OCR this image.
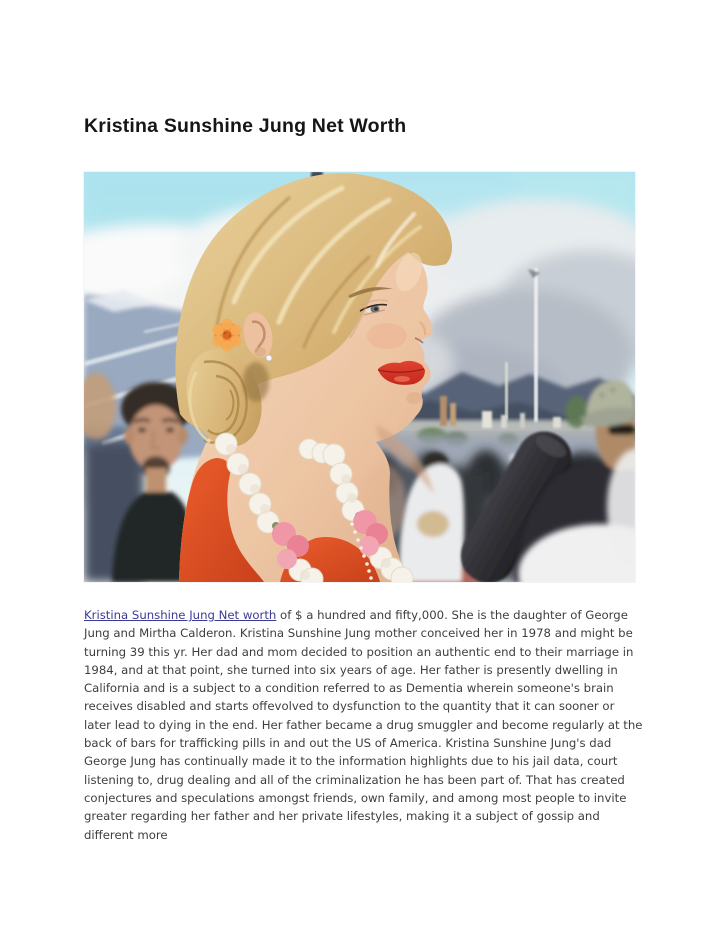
Kristina Sunshine Jung Net Worth

Kristina Sunshine Jung Net worth of $ a hundred and fifty,000. She is the daughter of George Jung and Mirtha Calderon. Kristina Sunshine Jung mother conceived her in 1978 and might be turning 39 this yr. Her dad and mom decided to position an authentic end to their marriage in 1984, and at that point, she turned into six years of age. Her father is presently dwelling in California and is a subject to a condition referred to as Dementia wherein someone's brain receives disabled and starts offevolved to dysfunction to the quantity that it can sooner or later lead to dying in the end. Her father became a drug smuggler and become regularly at the back of bars for trafficking pills in and out the US of America. Kristina Sunshine Jung's dad George Jung has continually made it to the information highlights due to his jail data, court listening to, drug dealing and all of the criminalization he has been part of. That has created conjectures and speculations amongst friends, own family, and among most people to invite greater regarding her father and her private lifestyles, making it a subject of gossip and different more
